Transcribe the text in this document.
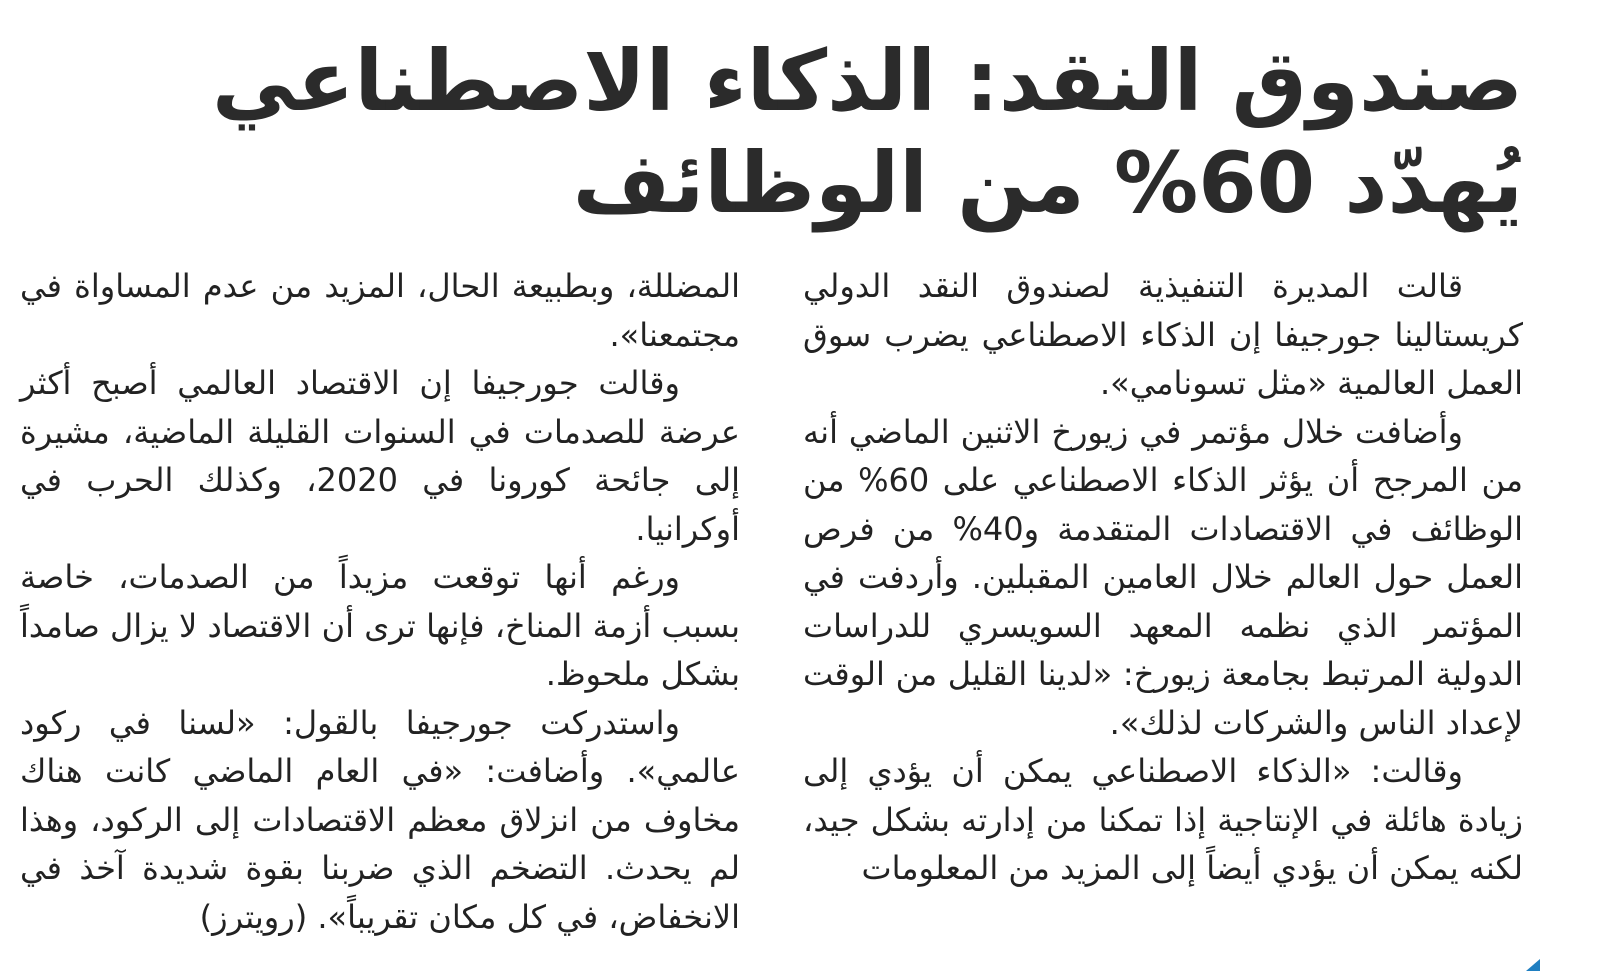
صندوق النقد: الذكاء الاصطناعي يُهدّد 60% من الوظائف

قالت المديرة التنفيذية لصندوق النقد الدولي كريستالينا جورجيفا إن الذكاء الاصطناعي يضرب سوق العمل العالمية «مثل تسونامي».

وأضافت خلال مؤتمر في زيورخ الاثنين الماضي أنه من المرجح أن يؤثر الذكاء الاصطناعي على 60% من الوظائف في الاقتصادات المتقدمة و40% من فرص العمل حول العالم خلال العامين المقبلين. وأردفت في المؤتمر الذي نظمه المعهد السويسري للدراسات الدولية المرتبط بجامعة زيورخ: «لدينا القليل من الوقت لإعداد الناس والشركات لذلك».

وقالت: «الذكاء الاصطناعي يمكن أن يؤدي إلى زيادة هائلة في الإنتاجية إذا تمكنا من إدارته بشكل جيد، لكنه يمكن أن يؤدي أيضاً إلى المزيد من المعلومات

المضللة، وبطبيعة الحال، المزيد من عدم المساواة في مجتمعنا».

وقالت جورجيفا إن الاقتصاد العالمي أصبح أكثر عرضة للصدمات في السنوات القليلة الماضية، مشيرة إلى جائحة كورونا في 2020، وكذلك الحرب في أوكرانيا.

ورغم أنها توقعت مزيداً من الصدمات، خاصة بسبب أزمة المناخ، فإنها ترى أن الاقتصاد لا يزال صامداً بشكل ملحوظ.

واستدركت جورجيفا بالقول: «لسنا في ركود عالمي». وأضافت: «في العام الماضي كانت هناك مخاوف من انزلاق معظم الاقتصادات إلى الركود، وهذا لم يحدث. التضخم الذي ضربنا بقوة شديدة آخذ في الانخفاض، في كل مكان تقريباً». (رويترز)
